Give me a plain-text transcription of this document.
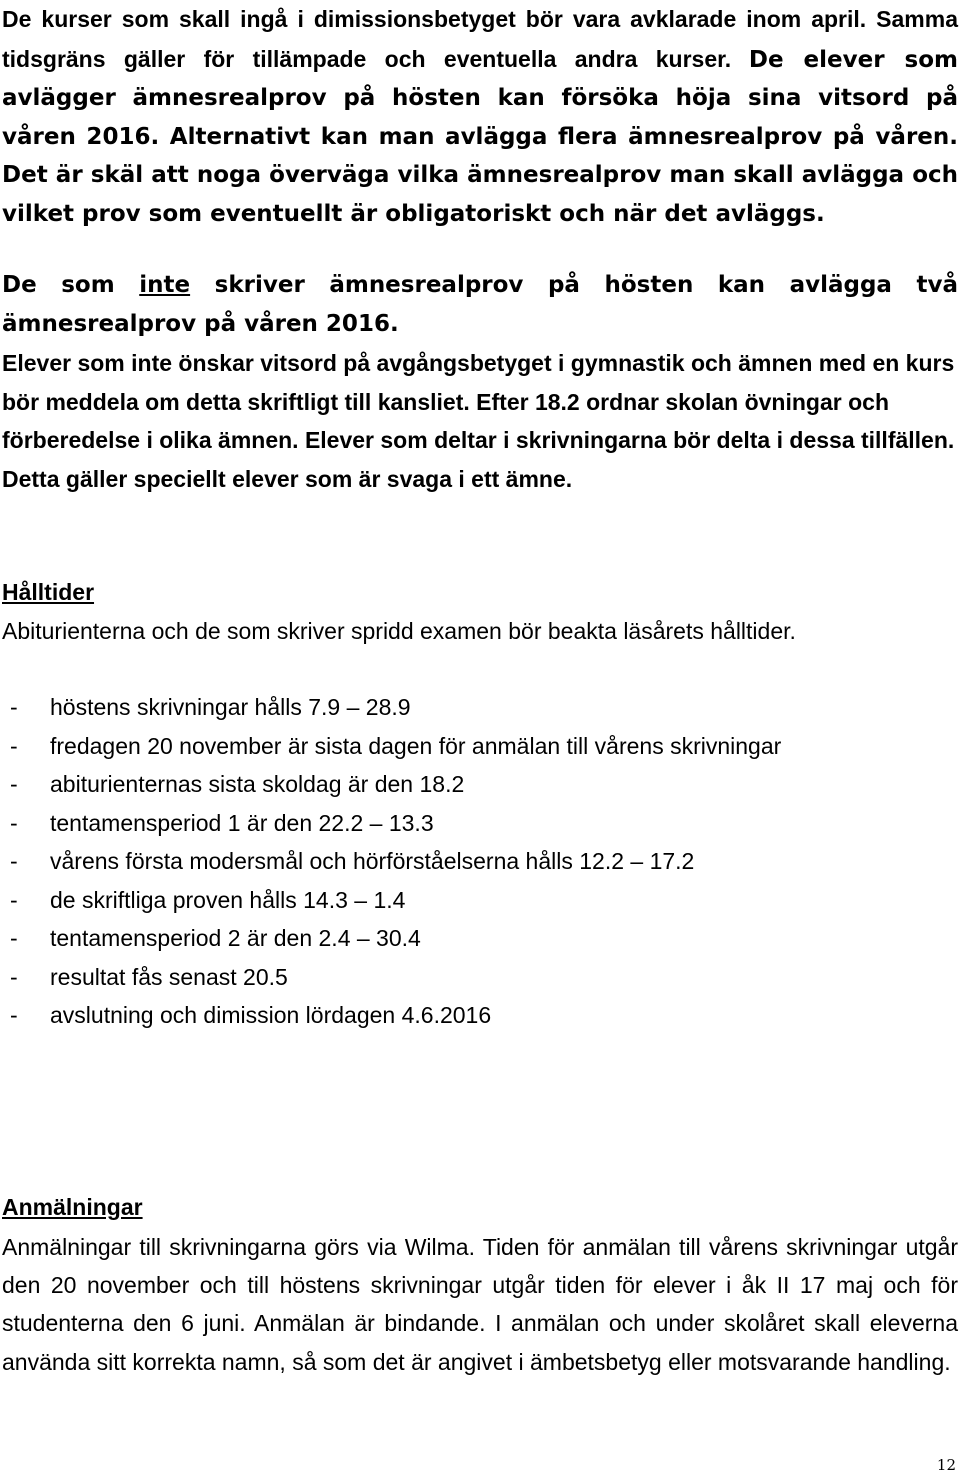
De kurser som skall ingå i dimissionsbetyget bör vara avklarade inom april. Samma tidsgräns gäller för tillämpade och eventuella andra kurser. De elever som avlägger ämnesrealprov på hösten kan försöka höja sina vitsord på våren 2016. Alternativt kan man avlägga flera ämnesrealprov på våren. Det är skäl att noga överväga vilka ämnesrealprov man skall avlägga och vilket prov som eventuellt är obligatoriskt och när det avläggs.

De som inte skriver ämnesrealprov på hösten kan avlägga två ämnesrealprov på våren 2016.

Elever som inte önskar vitsord på avgångsbetyget i gymnastik och ämnen med en kurs bör meddela om detta skriftligt till kansliet. Efter 18.2 ordnar skolan övningar och förberedelse i olika ämnen. Elever som deltar i skrivningarna bör delta i dessa tillfällen. Detta gäller speciellt elever som är svaga i ett ämne.

Hålltider

Abiturienterna och de som skriver spridd examen bör beakta läsårets hålltider.

- höstens skrivningar hålls 7.9 – 28.9
- fredagen 20 november är sista dagen för anmälan till vårens skrivningar
- abiturienternas sista skoldag är den 18.2
- tentamensperiod 1 är den 22.2 – 13.3
- vårens första modersmål och hörförståelserna hålls 12.2 – 17.2
- de skriftliga proven hålls 14.3 – 1.4
- tentamensperiod 2 är den 2.4 – 30.4
- resultat fås senast 20.5
- avslutning och dimission lördagen 4.6.2016
Anmälningar

Anmälningar till skrivningarna görs via Wilma. Tiden för anmälan till vårens skrivningar utgår den 20 november och till höstens skrivningar utgår tiden för elever i åk II 17 maj och för studenterna den 6 juni. Anmälan är bindande. I anmälan och under skolåret skall eleverna använda sitt korrekta namn, så som det är angivet i ämbetsbetyg eller motsvarande handling.

12
